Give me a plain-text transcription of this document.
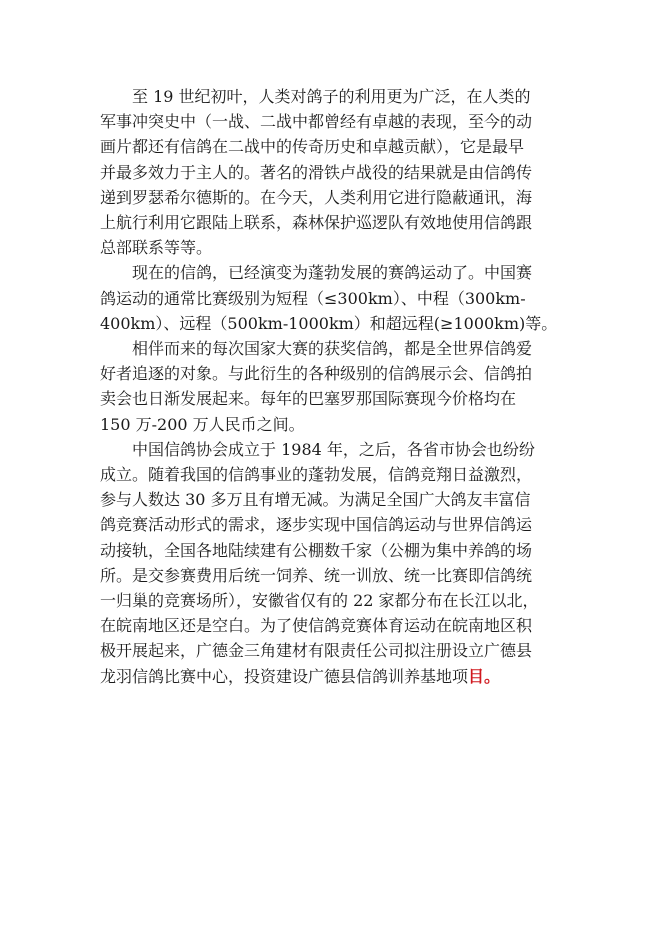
至 19 世纪初叶，人类对鸽子的利用更为广泛，在人类的
军事冲突史中（一战、二战中都曾经有卓越的表现，至今的动
画片都还有信鸽在二战中的传奇历史和卓越贡献），它是最早
并最多效力于主人的。著名的滑铁卢战役的结果就是由信鸽传
递到罗瑟希尔德斯的。在今天，人类利用它进行隐蔽通讯，海
上航行利用它跟陆上联系，森林保护巡逻队有效地使用信鸽跟
总部联系等等。
现在的信鸽，已经演变为蓬勃发展的赛鸽运动了。中国赛
鸽运动的通常比赛级别为短程（≤300km）、中程（300km-
400km）、远程（500km-1000km）和超远程(≥1000km)等。
相伴而来的每次国家大赛的获奖信鸽，都是全世界信鸽爱
好者追逐的对象。与此衍生的各种级别的信鸽展示会、信鸽拍
卖会也日渐发展起来。每年的巴塞罗那国际赛现今价格均在
150 万-200 万人民币之间。
中国信鸽协会成立于 1984 年，之后，各省市协会也纷纷
成立。随着我国的信鸽事业的蓬勃发展，信鸽竞翔日益激烈，
参与人数达 30 多万且有增无减。为满足全国广大鸽友丰富信
鸽竞赛活动形式的需求，逐步实现中国信鸽运动与世界信鸽运
动接轨，全国各地陆续建有公棚数千家（公棚为集中养鸽的场
所。是交参赛费用后统一饲养、统一训放、统一比赛即信鸽统
一归巢的竞赛场所），安徽省仅有的 22 家都分布在长江以北，
在皖南地区还是空白。为了使信鸽竞赛体育运动在皖南地区积
极开展起来，广德金三角建材有限责任公司拟注册设立广德县
龙羽信鸽比赛中心，投资建设广德县信鸽训养基地项目。
